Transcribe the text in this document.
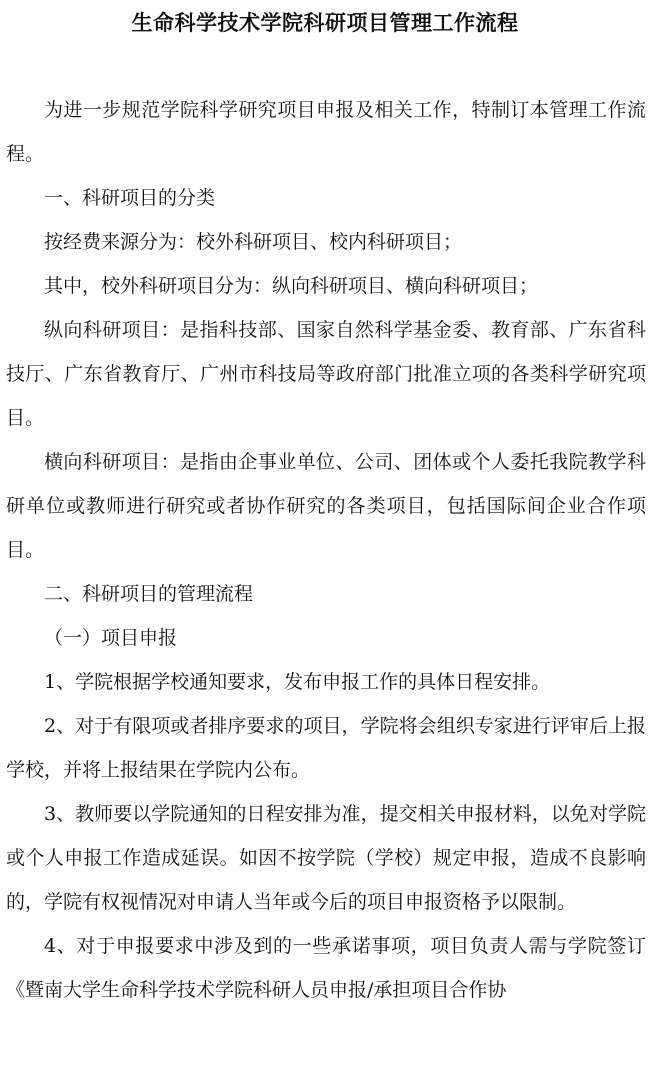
生命科学技术学院科研项目管理工作流程

为进一步规范学院科学研究项目申报及相关工作，特制订本管理工作流程。

一、科研项目的分类

按经费来源分为：校外科研项目、校内科研项目；

其中，校外科研项目分为：纵向科研项目、横向科研项目；

纵向科研项目：是指科技部、国家自然科学基金委、教育部、广东省科技厅、广东省教育厅、广州市科技局等政府部门批准立项的各类科学研究项目。

横向科研项目：是指由企事业单位、公司、团体或个人委托我院教学科研单位或教师进行研究或者协作研究的各类项目，包括国际间企业合作项目。

二、科研项目的管理流程

（一）项目申报

1、学院根据学校通知要求，发布申报工作的具体日程安排。

2、对于有限项或者排序要求的项目，学院将会组织专家进行评审后上报学校，并将上报结果在学院内公布。

3、教师要以学院通知的日程安排为准，提交相关申报材料，以免对学院或个人申报工作造成延误。如因不按学院（学校）规定申报，造成不良影响的，学院有权视情况对申请人当年或今后的项目申报资格予以限制。

4、对于申报要求中涉及到的一些承诺事项，项目负责人需与学院签订《暨南大学生命科学技术学院科研人员申报/承担项目合作协
